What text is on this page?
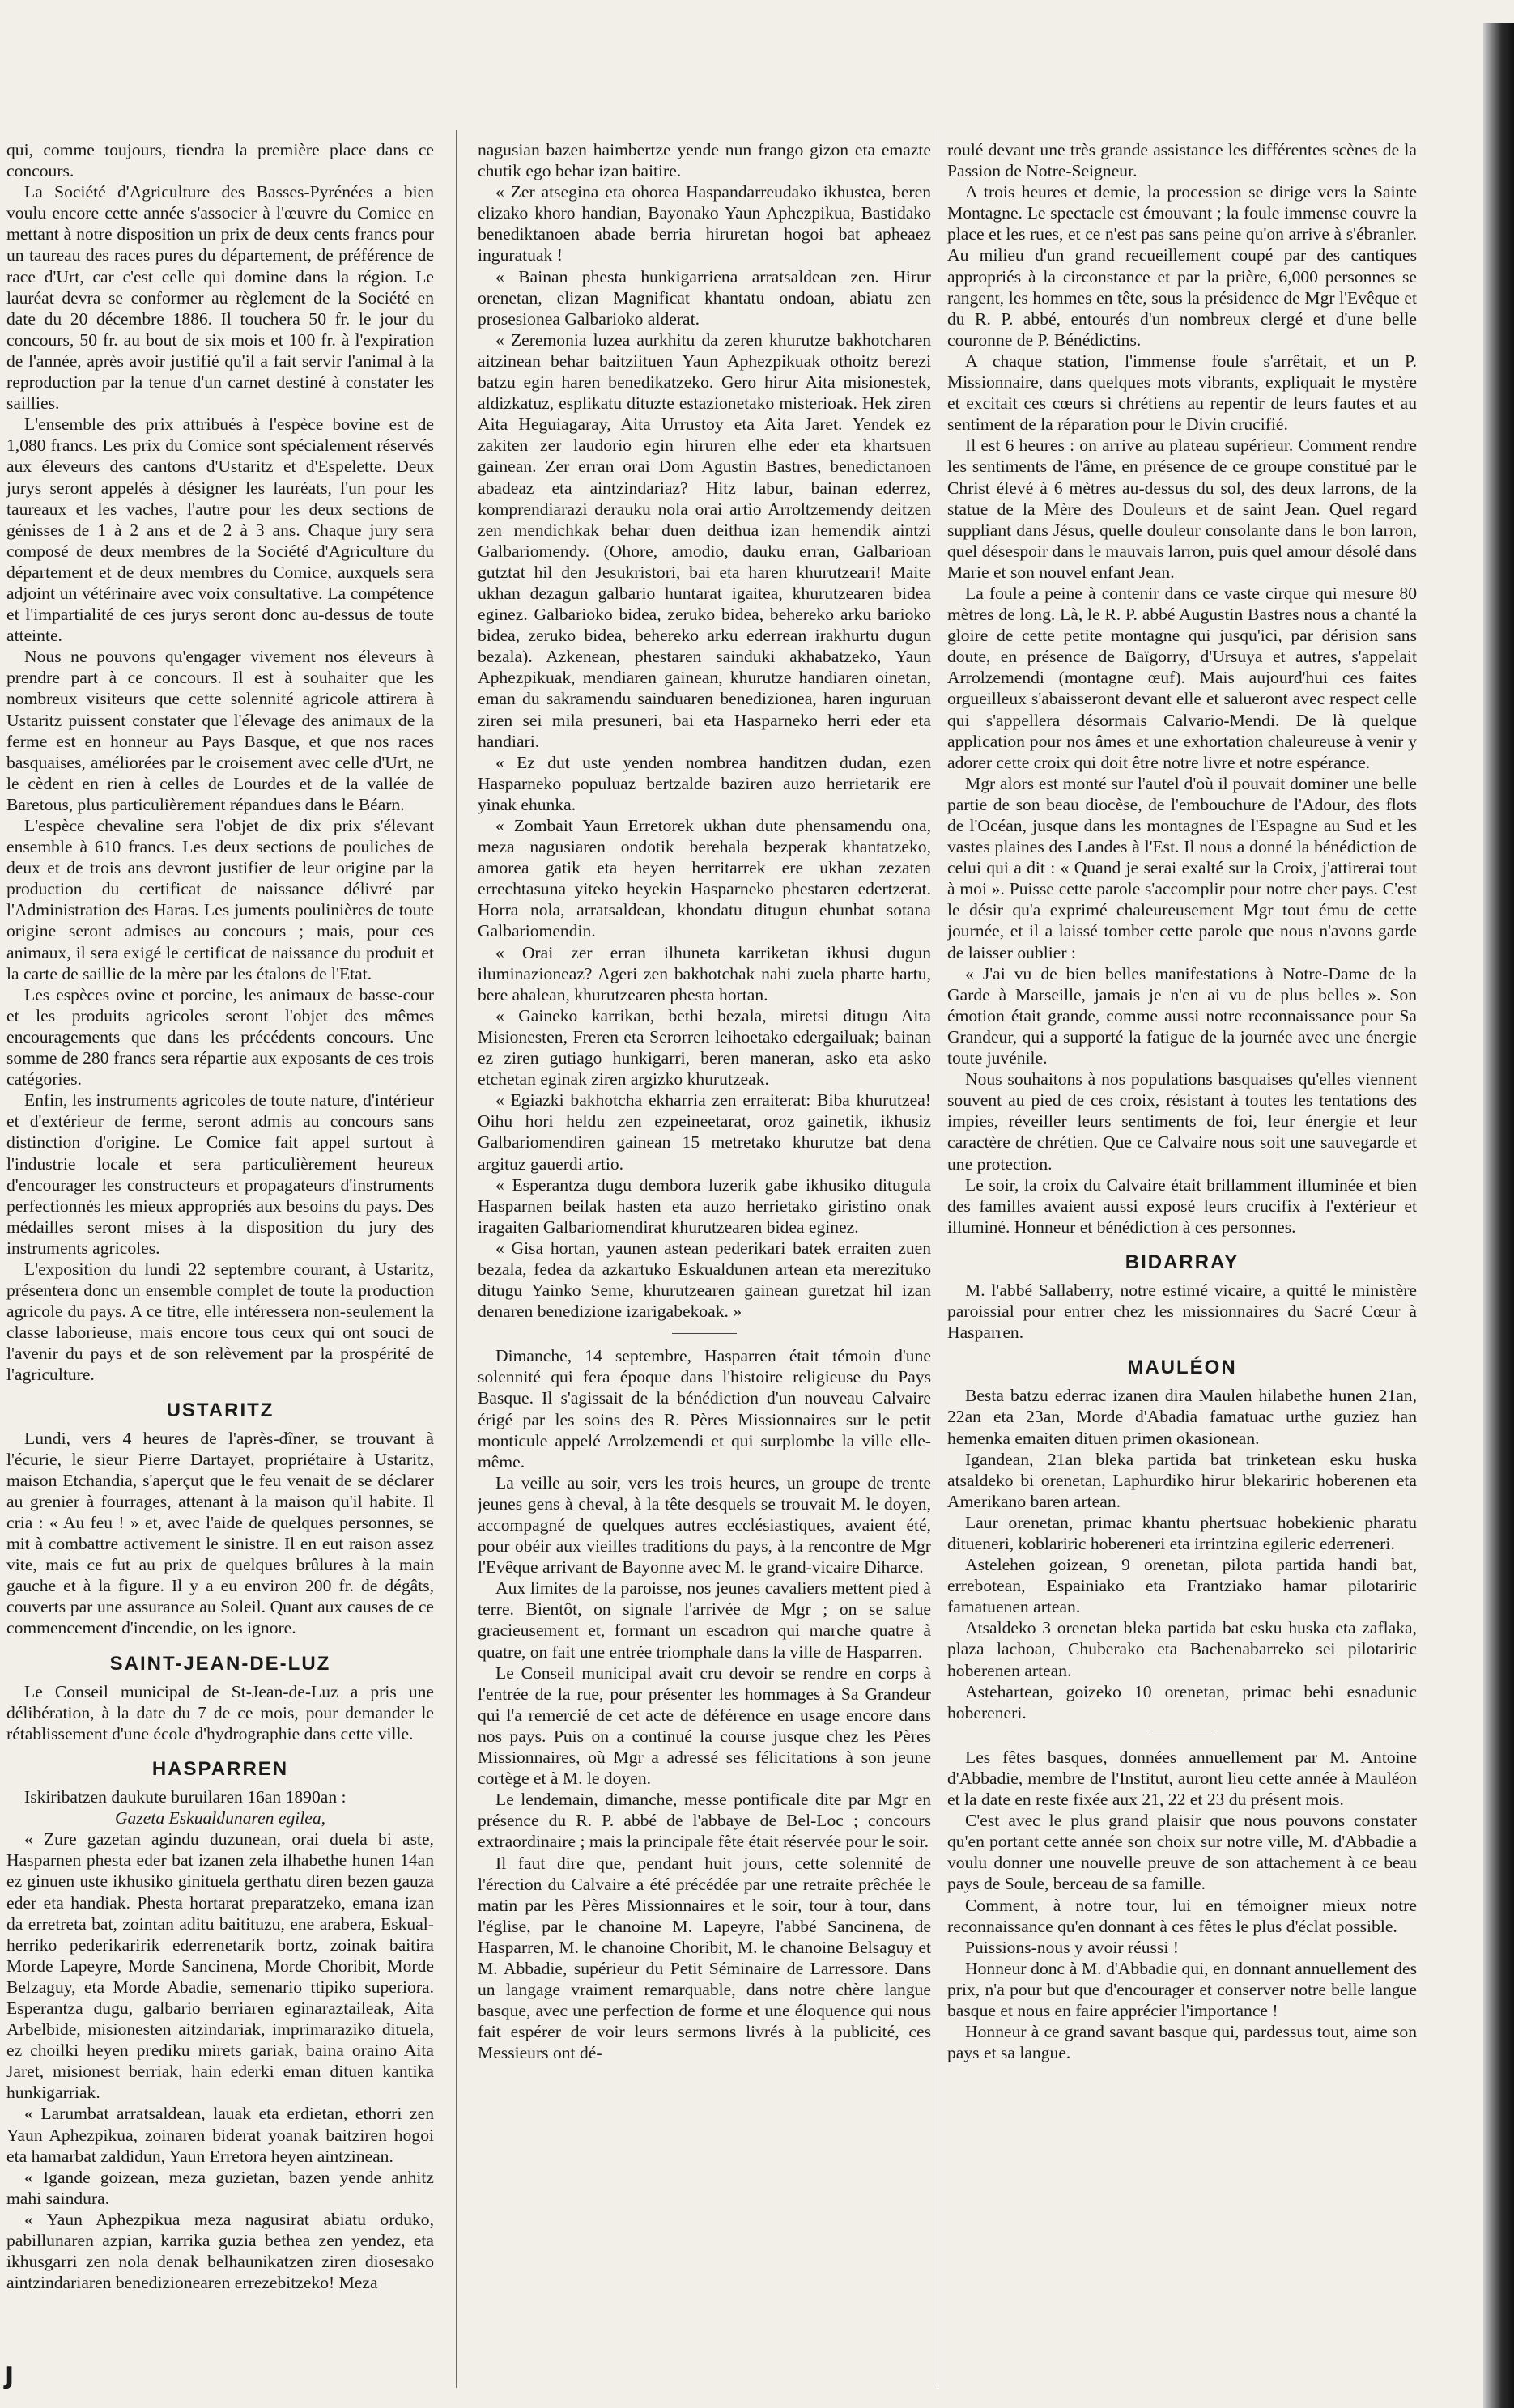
qui, comme toujours, tiendra la première place dans ce concours.

La Société d'Agriculture des Basses-Pyrénées a bien voulu encore cette année s'associer à l'œuvre du Comice en mettant à notre disposition un prix de deux cents francs pour un taureau des races pures du département, de préférence de race d'Urt, car c'est celle qui domine dans la région. Le lauréat devra se conformer au règlement de la Société en date du 20 décembre 1886. Il touchera 50 fr. le jour du concours, 50 fr. au bout de six mois et 100 fr. à l'expiration de l'année, après avoir justifié qu'il a fait servir l'animal à la reproduction par la tenue d'un carnet destiné à constater les saillies.

L'ensemble des prix attribués à l'espèce bovine est de 1,080 francs. Les prix du Comice sont spécialement réservés aux éleveurs des cantons d'Ustaritz et d'Espelette. Deux jurys seront appelés à désigner les lauréats, l'un pour les taureaux et les vaches, l'autre pour les deux sections de génisses de 1 à 2 ans et de 2 à 3 ans. Chaque jury sera composé de deux membres de la Société d'Agriculture du département et de deux membres du Comice, auxquels sera adjoint un vétérinaire avec voix consultative. La compétence et l'impartialité de ces jurys seront donc au-dessus de toute atteinte.

Nous ne pouvons qu'engager vivement nos éleveurs à prendre part à ce concours. Il est à souhaiter que les nombreux visiteurs que cette solennité agricole attirera à Ustaritz puissent constater que l'élevage des animaux de la ferme est en honneur au Pays Basque, et que nos races basquaises, améliorées par le croisement avec celle d'Urt, ne le cèdent en rien à celles de Lourdes et de la vallée de Baretous, plus particulièrement répandues dans le Béarn.

L'espèce chevaline sera l'objet de dix prix s'élevant ensemble à 610 francs. Les deux sections de pouliches de deux et de trois ans devront justifier de leur origine par la production du certificat de naissance délivré par l'Administration des Haras. Les juments poulinières de toute origine seront admises au concours ; mais, pour ces animaux, il sera exigé le certificat de naissance du produit et la carte de saillie de la mère par les étalons de l'Etat.

Les espèces ovine et porcine, les animaux de basse-cour et les produits agricoles seront l'objet des mêmes encouragements que dans les précédents concours. Une somme de 280 francs sera répartie aux exposants de ces trois catégories.

Enfin, les instruments agricoles de toute nature, d'intérieur et d'extérieur de ferme, seront admis au concours sans distinction d'origine. Le Comice fait appel surtout à l'industrie locale et sera particulièrement heureux d'encourager les constructeurs et propagateurs d'instruments perfectionnés les mieux appropriés aux besoins du pays. Des médailles seront mises à la disposition du jury des instruments agricoles.

L'exposition du lundi 22 septembre courant, à Ustaritz, présentera donc un ensemble complet de toute la production agricole du pays. A ce titre, elle intéressera non-seulement la classe laborieuse, mais encore tous ceux qui ont souci de l'avenir du pays et de son relèvement par la prospérité de l'agriculture.

USTARITZ

Lundi, vers 4 heures de l'après-dîner, se trouvant à l'écurie, le sieur Pierre Dartayet, propriétaire à Ustaritz, maison Etchandia, s'aperçut que le feu venait de se déclarer au grenier à fourrages, attenant à la maison qu'il habite. Il cria : « Au feu ! » et, avec l'aide de quelques personnes, se mit à combattre activement le sinistre. Il en eut raison assez vite, mais ce fut au prix de quelques brûlures à la main gauche et à la figure. Il y a eu environ 200 fr. de dégâts, couverts par une assurance au Soleil. Quant aux causes de ce commencement d'incendie, on les ignore.

SAINT-JEAN-DE-LUZ

Le Conseil municipal de St-Jean-de-Luz a pris une délibération, à la date du 7 de ce mois, pour demander le rétablissement d'une école d'hydrographie dans cette ville.

HASPARREN

Iskiribatzen daukute buruilaren 16an 1890an :

Gazeta Eskualdunaren egilea,

« Zure gazetan agindu duzunean, orai duela bi aste, Hasparnen phesta eder bat izanen zela ilhabethe hunen 14an ez ginuen uste ikhusiko ginituela gerthatu diren bezen gauza eder eta handiak. Phesta hortarat preparatzeko, emana izan da erretreta bat, zointan aditu baitituzu, ene arabera, Eskual-herriko pederikaririk ederrenetarik bortz, zoinak baitira Morde Lapeyre, Morde Sancinena, Morde Choribit, Morde Belzaguy, eta Morde Abadie, semenario ttipiko superiora. Esperantza dugu, galbario berriaren eginaraztaileak, Aita Arbelbide, misionesten aitzindariak, imprimaraziko dituela, ez choilki heyen prediku mirets gariak, baina oraino Aita Jaret, misionest berriak, hain ederki eman dituen kantika hunkigarriak.

« Larumbat arratsaldean, lauak eta erdietan, ethorri zen Yaun Aphezpikua, zoinaren biderat yoanak baitziren hogoi eta hamarbat zaldidun, Yaun Erretora heyen aintzinean.

« Igande goizean, meza guzietan, bazen yende anhitz mahi saindura.

« Yaun Aphezpikua meza nagusirat abiatu orduko, pabillunaren azpian, karrika guzia bethea zen yendez, eta ikhusgarri zen nola denak belhaunikatzen ziren diosesako aintzindariaren benedizionearen errezebitzeko! Meza

nagusian bazen haimbertze yende nun frango gizon eta emazte chutik ego behar izan baitire.

« Zer atsegina eta ohorea Haspandarreudako ikhustea, beren elizako khoro handian, Bayonako Yaun Aphezpikua, Bastidako benediktanoen abade berria hiruretan hogoi bat apheaez inguratuak !

« Bainan phesta hunkigarriena arratsaldean zen. Hirur orenetan, elizan Magnificat khantatu ondoan, abiatu zen prosesionea Galbarioko alderat.

« Zeremonia luzea aurkhitu da zeren khurutze bakhotcharen aitzinean behar baitziituen Yaun Aphezpikuak othoitz berezi batzu egin haren benedikatzeko. Gero hirur Aita misionestek, aldizkatuz, esplikatu dituzte estazionetako misterioak. Hek ziren Aita Heguiagaray, Aita Urrustoy eta Aita Jaret. Yendek ez zakiten zer laudorio egin hiruren elhe eder eta khartsuen gainean. Zer erran orai Dom Agustin Bastres, benedictanoen abadeaz eta aintzindariaz? Hitz labur, bainan ederrez, komprendiarazi derauku nola orai artio Arroltzemendy deitzen zen mendichkak behar duen deithua izan hemendik aintzi Galbariomendy. (Ohore, amodio, dauku erran, Galbarioan gutztat hil den Jesukristori, bai eta haren khurutzeari! Maite ukhan dezagun galbario huntarat igaitea, khurutzearen bidea eginez. Galbarioko bidea, zeruko bidea, behereko arku barioko bidea, zeruko bidea, behereko arku ederrean irakhurtu dugun bezala). Azkenean, phestaren sainduki akhabatzeko, Yaun Aphezpikuak, mendiaren gainean, khurutze handiaren oinetan, eman du sakramendu sainduaren benedizionea, haren inguruan ziren sei mila presuneri, bai eta Hasparneko herri eder eta handiari.

« Ez dut uste yenden nombrea handitzen dudan, ezen Hasparneko populuaz bertzalde baziren auzo herrietarik ere yinak ehunka.

« Zombait Yaun Erretorek ukhan dute phensamendu ona, meza nagusiaren ondotik berehala bezperak khantatzeko, amorea gatik eta heyen herritarrek ere ukhan zezaten errechtasuna yiteko heyekin Hasparneko phestaren edertzerat. Horra nola, arratsaldean, khondatu ditugun ehunbat sotana Galbariomendin.

« Orai zer erran ilhuneta karriketan ikhusi dugun iluminazioneaz? Ageri zen bakhotchak nahi zuela pharte hartu, bere ahalean, khurutzearen phesta hortan.

« Gaineko karrikan, bethi bezala, miretsi ditugu Aita Misionesten, Freren eta Serorren leihoetako edergailuak; bainan ez ziren gutiago hunkigarri, beren maneran, asko eta asko etchetan eginak ziren argizko khurutzeak.

« Egiazki bakhotcha ekharria zen erraiterat: Biba khurutzea! Oihu hori heldu zen ezpeineetarat, oroz gainetik, ikhusiz Galbariomendiren gainean 15 metretako khurutze bat dena argituz gauerdi artio.

« Esperantza dugu dembora luzerik gabe ikhusiko ditugula Hasparnen beilak hasten eta auzo herrietako giristino onak iragaiten Galbariomendirat khurutzearen bidea eginez.

« Gisa hortan, yaunen astean pederikari batek erraiten zuen bezala, fedea da azkartuko Eskualdunen artean eta merezituko ditugu Yainko Seme, khurutzearen gainean guretzat hil izan denaren benedizione izarigabekoak. »

Dimanche, 14 septembre, Hasparren était témoin d'une solennité qui fera époque dans l'histoire religieuse du Pays Basque. Il s'agissait de la bénédiction d'un nouveau Calvaire érigé par les soins des R. Pères Missionnaires sur le petit monticule appelé Arrolzemendi et qui surplombe la ville elle-même.

La veille au soir, vers les trois heures, un groupe de trente jeunes gens à cheval, à la tête desquels se trouvait M. le doyen, accompagné de quelques autres ecclésiastiques, avaient été, pour obéir aux vieilles traditions du pays, à la rencontre de Mgr l'Evêque arrivant de Bayonne avec M. le grand-vicaire Diharce.

Aux limites de la paroisse, nos jeunes cavaliers mettent pied à terre. Bientôt, on signale l'arrivée de Mgr ; on se salue gracieusement et, formant un escadron qui marche quatre à quatre, on fait une entrée triomphale dans la ville de Hasparren.

Le Conseil municipal avait cru devoir se rendre en corps à l'entrée de la rue, pour présenter les hommages à Sa Grandeur qui l'a remercié de cet acte de déférence en usage encore dans nos pays. Puis on a continué la course jusque chez les Pères Missionnaires, où Mgr a adressé ses félicitations à son jeune cortège et à M. le doyen.

Le lendemain, dimanche, messe pontificale dite par Mgr en présence du R. P. abbé de l'abbaye de Bel-Loc ; concours extraordinaire ; mais la principale fête était réservée pour le soir.

Il faut dire que, pendant huit jours, cette solennité de l'érection du Calvaire a été précédée par une retraite prêchée le matin par les Pères Missionnaires et le soir, tour à tour, dans l'église, par le chanoine M. Lapeyre, l'abbé Sancinena, de Hasparren, M. le chanoine Choribit, M. le chanoine Belsaguy et M. Abbadie, supérieur du Petit Séminaire de Larressore. Dans un langage vraiment remarquable, dans notre chère langue basque, avec une perfection de forme et une éloquence qui nous fait espérer de voir leurs sermons livrés à la publicité, ces Messieurs ont dé-

roulé devant une très grande assistance les différentes scènes de la Passion de Notre-Seigneur.

A trois heures et demie, la procession se dirige vers la Sainte Montagne. Le spectacle est émouvant ; la foule immense couvre la place et les rues, et ce n'est pas sans peine qu'on arrive à s'ébranler. Au milieu d'un grand recueillement coupé par des cantiques appropriés à la circonstance et par la prière, 6,000 personnes se rangent, les hommes en tête, sous la présidence de Mgr l'Evêque et du R. P. abbé, entourés d'un nombreux clergé et d'une belle couronne de P. Bénédictins.

A chaque station, l'immense foule s'arrêtait, et un P. Missionnaire, dans quelques mots vibrants, expliquait le mystère et excitait ces cœurs si chrétiens au repentir de leurs fautes et au sentiment de la réparation pour le Divin crucifié.

Il est 6 heures : on arrive au plateau supérieur. Comment rendre les sentiments de l'âme, en présence de ce groupe constitué par le Christ élevé à 6 mètres au-dessus du sol, des deux larrons, de la statue de la Mère des Douleurs et de saint Jean. Quel regard suppliant dans Jésus, quelle douleur consolante dans le bon larron, quel désespoir dans le mauvais larron, puis quel amour désolé dans Marie et son nouvel enfant Jean.

La foule a peine à contenir dans ce vaste cirque qui mesure 80 mètres de long. Là, le R. P. abbé Augustin Bastres nous a chanté la gloire de cette petite montagne qui jusqu'ici, par dérision sans doute, en présence de Baïgorry, d'Ursuya et autres, s'appelait Arrolzemendi (montagne œuf). Mais aujourd'hui ces faites orgueilleux s'abaisseront devant elle et salueront avec respect celle qui s'appellera désormais Calvario-Mendi. De là quelque application pour nos âmes et une exhortation chaleureuse à venir y adorer cette croix qui doit être notre livre et notre espérance.

Mgr alors est monté sur l'autel d'où il pouvait dominer une belle partie de son beau diocèse, de l'embouchure de l'Adour, des flots de l'Océan, jusque dans les montagnes de l'Espagne au Sud et les vastes plaines des Landes à l'Est. Il nous a donné la bénédiction de celui qui a dit : « Quand je serai exalté sur la Croix, j'attirerai tout à moi ». Puisse cette parole s'accomplir pour notre cher pays. C'est le désir qu'a exprimé chaleureusement Mgr tout ému de cette journée, et il a laissé tomber cette parole que nous n'avons garde de laisser oublier :

« J'ai vu de bien belles manifestations à Notre-Dame de la Garde à Marseille, jamais je n'en ai vu de plus belles ». Son émotion était grande, comme aussi notre reconnaissance pour Sa Grandeur, qui a supporté la fatigue de la journée avec une énergie toute juvénile.

Nous souhaitons à nos populations basquaises qu'elles viennent souvent au pied de ces croix, résistant à toutes les tentations des impies, réveiller leurs sentiments de foi, leur énergie et leur caractère de chrétien. Que ce Calvaire nous soit une sauvegarde et une protection.

Le soir, la croix du Calvaire était brillamment illuminée et bien des familles avaient aussi exposé leurs crucifix à l'extérieur et illuminé. Honneur et bénédiction à ces personnes.

BIDARRAY

M. l'abbé Sallaberry, notre estimé vicaire, a quitté le ministère paroissial pour entrer chez les missionnaires du Sacré Cœur à Hasparren.

MAULÉON

Besta batzu ederrac izanen dira Maulen hilabethe hunen 21an, 22an eta 23an, Morde d'Abadia famatuac urthe guziez han hemenka emaiten dituen primen okasionean.

Igandean, 21an bleka partida bat trinketean esku huska atsaldeko bi orenetan, Laphurdiko hirur blekariric hoberenen eta Amerikano baren artean.

Laur orenetan, primac khantu phertsuac hobekienic pharatu ditueneri, koblariric hobereneri eta irrintzina egileric ederreneri.

Astelehen goizean, 9 orenetan, pilota partida handi bat, errebotean, Espainiako eta Frantziako hamar pilotariric famatuenen artean.

Atsaldeko 3 orenetan bleka partida bat esku huska eta zaflaka, plaza lachoan, Chuberako eta Bachenabarreko sei pilotariric hoberenen artean.

Astehartean, goizeko 10 orenetan, primac behi esnadunic hobereneri.

Les fêtes basques, données annuellement par M. Antoine d'Abbadie, membre de l'Institut, auront lieu cette année à Mauléon et la date en reste fixée aux 21, 22 et 23 du présent mois.

C'est avec le plus grand plaisir que nous pouvons constater qu'en portant cette année son choix sur notre ville, M. d'Abbadie a voulu donner une nouvelle preuve de son attachement à ce beau pays de Soule, berceau de sa famille.

Comment, à notre tour, lui en témoigner mieux notre reconnaissance qu'en donnant à ces fêtes le plus d'éclat possible.

Puissions-nous y avoir réussi !

Honneur donc à M. d'Abbadie qui, en donnant annuellement des prix, n'a pour but que d'encourager et conserver notre belle langue basque et nous en faire apprécier l'importance !

Honneur à ce grand savant basque qui, pardessus tout, aime son pays et sa langue.

J
